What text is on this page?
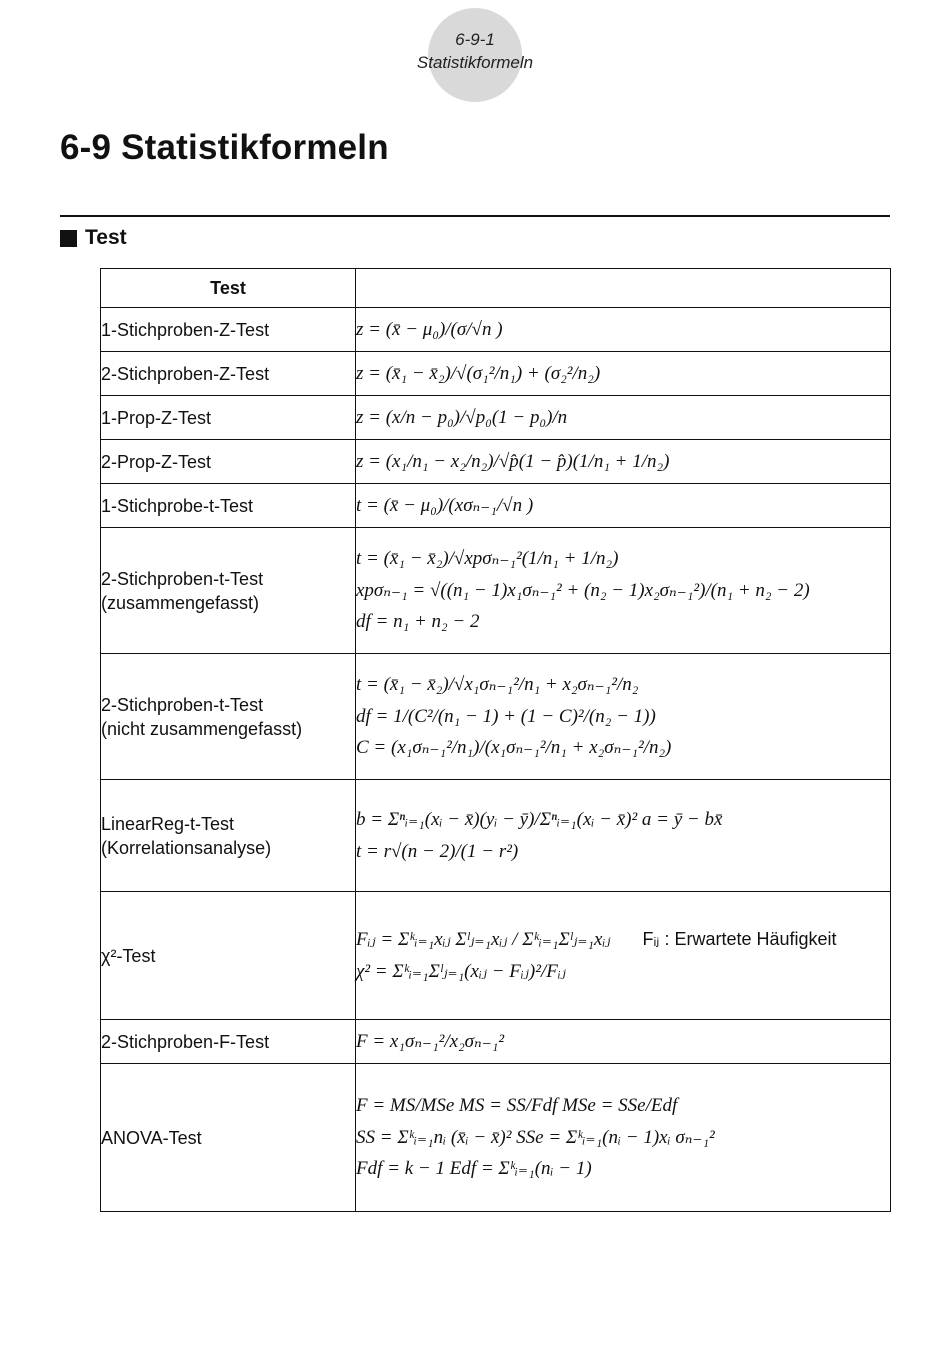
6-9-1
Statistikformeln
6-9 Statistikformeln
Test
Test	

1-Stichproben-Z-Test	z = (x̄ − μ₀)/(σ/√n )

2-Stichproben-Z-Test	z = (x̄₁ − x̄₂)/√(σ₁²/n₁) + (σ₂²/n₂)

1-Prop-Z-Test	z = (x/n − p₀)/√p₀(1 − p₀)/n

2-Prop-Z-Test	z = (x₁/n₁ − x₂/n₂)/√p̂(1 − p̂)(1/n₁ + 1/n₂)

1-Stichprobe-t-Test	t = (x̄ − μ₀)/(xσₙ₋₁/√n )

2-Stichproben-t-Test
(zusammengefasst)	t = (x̄₁ − x̄₂)/√xpσₙ₋₁²(1/n₁ + 1/n₂)
xpσₙ₋₁ = √((n₁ − 1)x₁σₙ₋₁² + (n₂ − 1)x₂σₙ₋₁²)/(n₁ + n₂ − 2)
df = n₁ + n₂ − 2

2-Stichproben-t-Test
(nicht zusammengefasst)	t = (x̄₁ − x̄₂)/√x₁σₙ₋₁²/n₁ + x₂σₙ₋₁²/n₂
df = 1/(C²/(n₁ − 1) + (1 − C)²/(n₂ − 1))
C = (x₁σₙ₋₁²/n₁)/(x₁σₙ₋₁²/n₁ + x₂σₙ₋₁²/n₂)

LinearReg-t-Test
(Korrelationsanalyse)	b = Σⁿᵢ₌₁(xᵢ − x̄)(yᵢ − ȳ)/Σⁿᵢ₌₁(xᵢ − x̄)² a = ȳ − bx̄
t = r√(n − 2)/(1 − r²)

χ²-Test	Fᵢⱼ = Σᵏᵢ₌₁xᵢⱼ Σˡⱼ₌₁xᵢⱼ / Σᵏᵢ₌₁Σˡⱼ₌₁xᵢⱼ Fᵢⱼ : Erwartete Häufigkeit
χ² = Σᵏᵢ₌₁Σˡⱼ₌₁(xᵢⱼ − Fᵢⱼ)²/Fᵢⱼ

2-Stichproben-F-Test	F = x₁σₙ₋₁²/x₂σₙ₋₁²

ANOVA-Test	F = MS/MSe MS = SS/Fdf MSe = SSe/Edf
SS = Σᵏᵢ₌₁nᵢ (x̄ᵢ − x̄)² SSe = Σᵏᵢ₌₁(nᵢ − 1)xᵢ σₙ₋₁²
Fdf = k − 1 Edf = Σᵏᵢ₌₁(nᵢ − 1)
